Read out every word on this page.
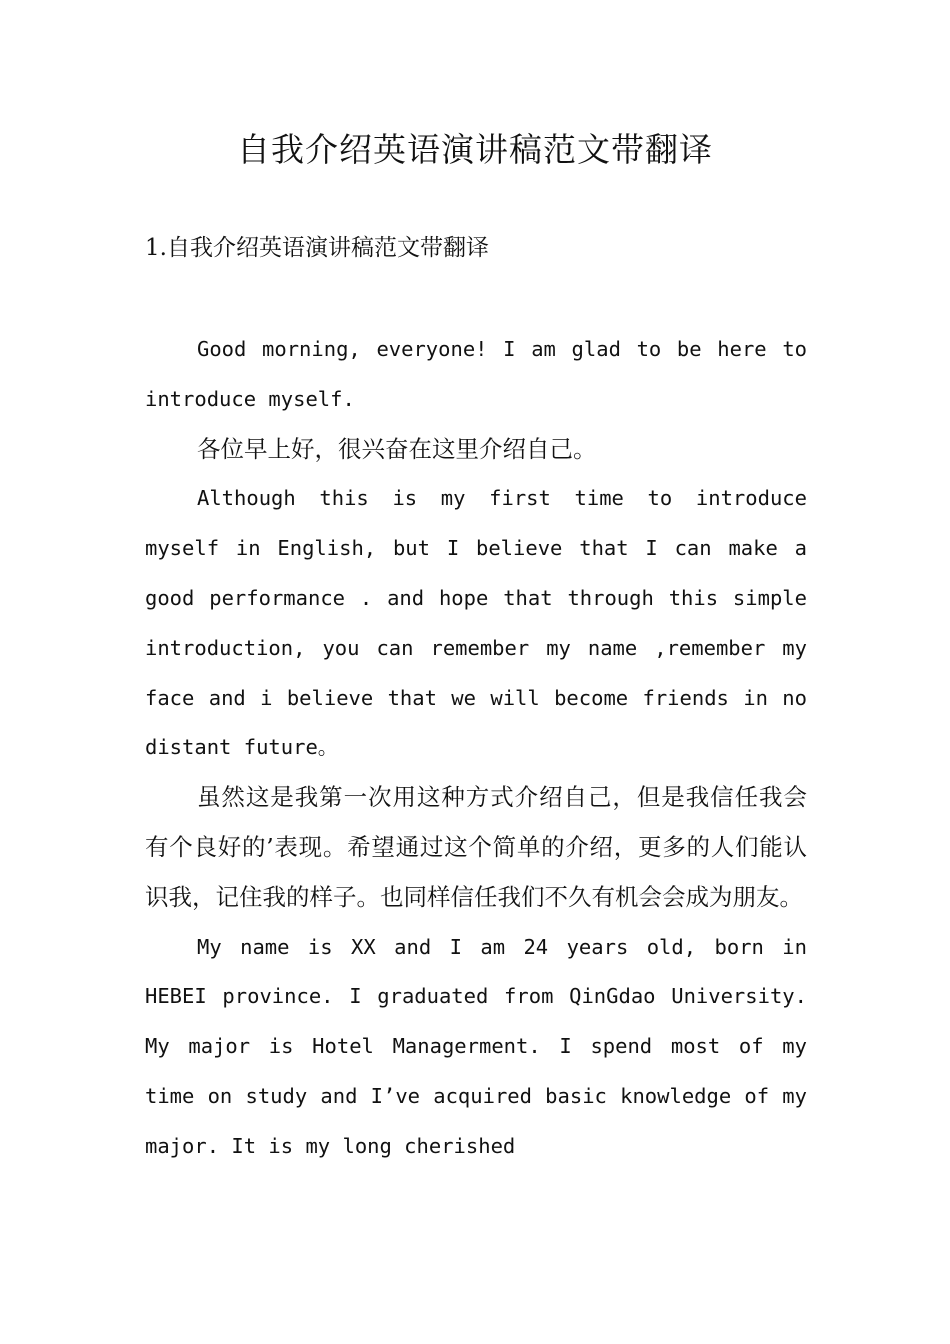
自我介绍英语演讲稿范文带翻译
1.自我介绍英语演讲稿范文带翻译

Good morning, everyone! I am glad to be here to introduce myself.

各位早上好，很兴奋在这里介绍自己。

Although this is my first time to introduce myself in English, but I believe that I can make a good performance . and hope that through this simple introduction, you can remember my name ,remember my face and i believe that we will become friends in no distant future。

虽然这是我第一次用这种方式介绍自己，但是我信任我会有个良好的’表现。希望通过这个简单的介绍，更多的人们能认识我，记住我的样子。也同样信任我们不久有机会会成为朋友。

My name is XX and I am 24 years old, born in HEBEI province. I graduated from QinGdao University. My major is Hotel Managerment. I spend most of my time on study and I’ve acquired basic knowledge of my major. It is my long cherished
